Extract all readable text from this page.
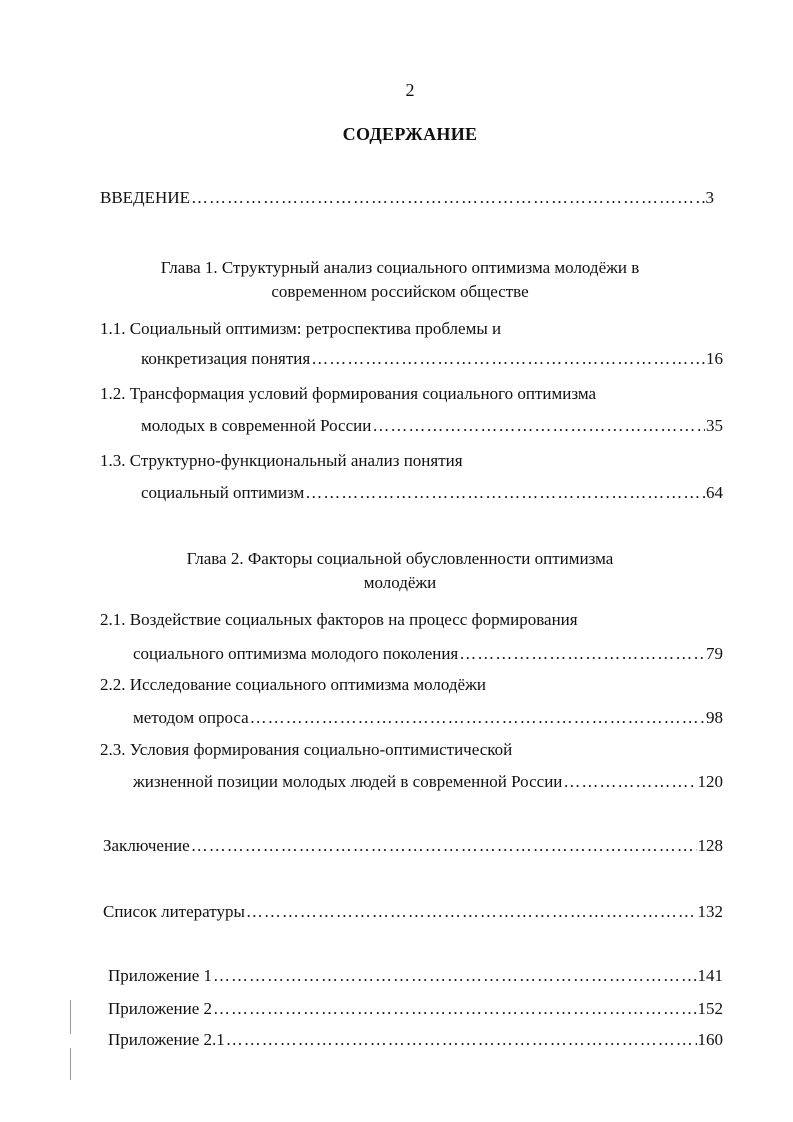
2
СОДЕРЖАНИЕ
ВВЕДЕНИЕ …………………………………………………………………………………………………………………………………………………………	3
Глава 1. Структурный анализ социального оптимизма молодёжи в
современном российском обществе
1.1. Социальный оптимизм: ретроспектива проблемы и
конкретизация понятия …………………………………………………………………………………………………………………………………………………………	16
1.2. Трансформация условий формирования социального оптимизма
молодых в современной России …………………………………………………………………………………………………………………………………………………………	35
1.3. Структурно-функциональный анализ понятия
социальный оптимизм …………………………………………………………………………………………………………………………………………………………	64
Глава 2. Факторы социальной обусловленности оптимизма
молодёжи
2.1. Воздействие социальных факторов на процесс формирования
социального оптимизма молодого поколения …………………………………………………………………………………………………………………………………………………………	79
2.2. Исследование социального оптимизма молодёжи
методом опроса …………………………………………………………………………………………………………………………………………………………	98
2.3. Условия формирования социально-оптимистической
жизненной позиции молодых людей в современной России …………………………………………………………………………………………………………………………………………………………	120
Заключение …………………………………………………………………………………………………………………………………………………………	128
Список литературы …………………………………………………………………………………………………………………………………………………………	132
Приложение 1 …………………………………………………………………………………………………………………………………………………………	141
Приложение 2 …………………………………………………………………………………………………………………………………………………………	152
Приложение 2.1 …………………………………………………………………………………………………………………………………………………………	160
